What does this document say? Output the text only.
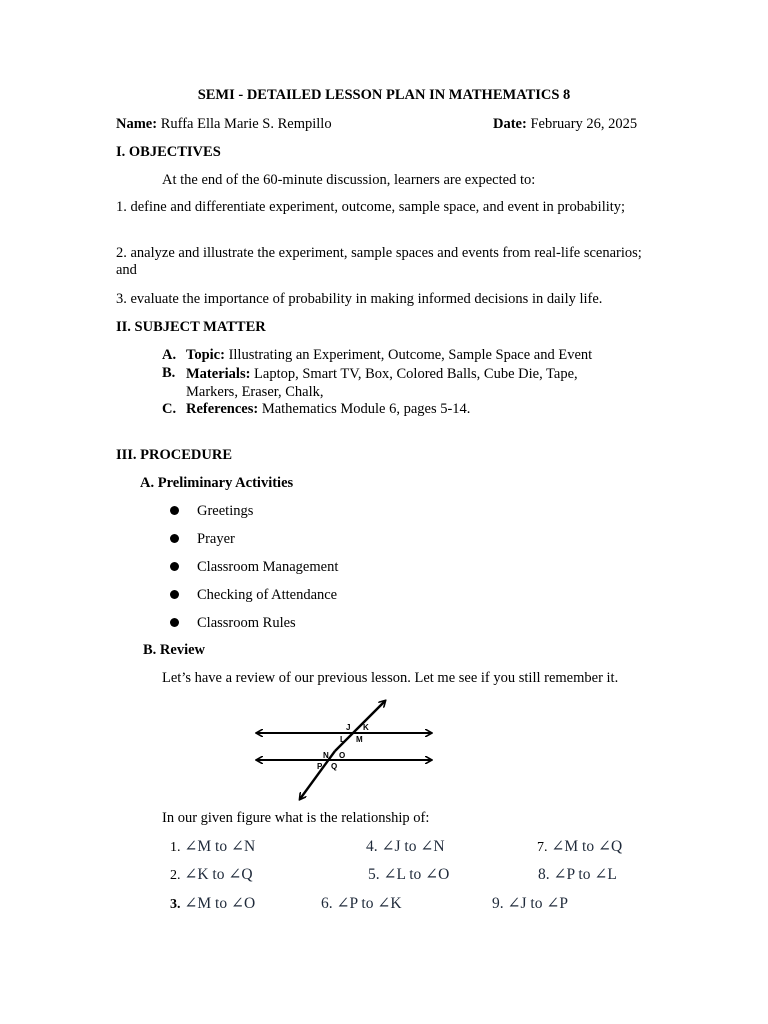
SEMI - DETAILED LESSON PLAN IN MATHEMATICS 8
Name: Ruffa Ella Marie S. Rempillo	Date: February 26, 2025
I. OBJECTIVES
At the end of the 60-minute discussion, learners are expected to:
1. define and differentiate experiment, outcome, sample space, and event in probability;
2. analyze and illustrate the experiment, sample spaces and events from real-life scenarios; and
3. evaluate the importance of probability in making informed decisions in daily life.
II. SUBJECT MATTER
A. Topic: Illustrating an Experiment, Outcome, Sample Space and Event
B. Materials: Laptop, Smart TV, Box, Colored Balls, Cube Die, Tape, Markers, Eraser, Chalk,
C. References: Mathematics Module 6, pages 5-14.
III. PROCEDURE
A. Preliminary Activities
Greetings
Prayer
Classroom Management
Checking of Attendance
Classroom Rules
B. Review
Let’s have a review of our previous lesson. Let me see if you still remember it.
J K
L M
N O
P Q
In our given figure what is the relationship of:
1. ∠M to ∠N	4. ∠J to ∠N	7. ∠M to ∠Q
2. ∠K to ∠Q	5. ∠L to ∠O	8. ∠P to ∠L
3. ∠M to ∠O	6. ∠P to ∠K	9. ∠J to ∠P
